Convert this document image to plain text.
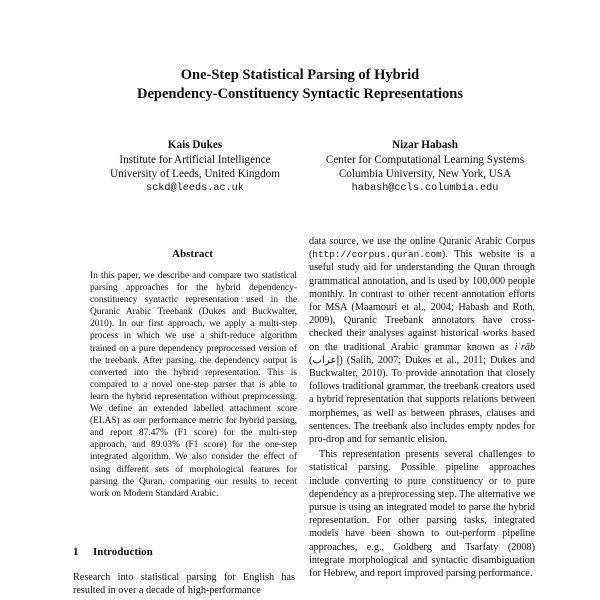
One-Step Statistical Parsing of Hybrid
Dependency-Constituency Syntactic Representations
Kais Dukes
Institute for Artificial Intelligence
University of Leeds, United Kingdom
sckd@leeds.ac.uk
Nizar Habash
Center for Computational Learning Systems
Columbia University, New York, USA
habash@ccls.columbia.edu
Abstract
In this paper, we describe and compare two statistical parsing approaches for the hybrid dependency-constituency syntactic representation used in the Quranic Arabic Treebank (Dukes and Buckwalter, 2010). In our first approach, we apply a multi-step process in which we use a shift-reduce algorithm trained on a pure dependency preprocessed version of the treebank. After parsing, the dependency output is converted into the hybrid representation. This is compared to a novel one-step parser that is able to learn the hybrid representation without preprocessing. We define an extended labelled attachment score (ELAS) as our performance metric for hybrid parsing, and report 87.47% (F1 score) for the multi-step approach, and 89.03% (F1 score) for the one-step integrated algorithm. We also consider the effect of using different sets of morphological features for parsing the Quran, comparing our results to recent work on Modern Standard Arabic.
1 Introduction
Research into statistical parsing for English has resulted in over a decade of high-performance

data source, we use the online Quranic Arabic Corpus (http://corpus.quran.com). This website is a useful study aid for understanding the Quran through grammatical annotation, and is used by 100,000 people monthly. In contrast to other recent annotation efforts for MSA (Maamouri et al., 2004; Habash and Roth, 2009), Quranic Treebank annotators have cross-checked their analyses against historical works based on the traditional Arabic grammar known as iʿrāb (إعراب) (Salih, 2007; Dukes et al., 2011; Dukes and Buckwalter, 2010). To provide annotation that closely follows traditional grammar, the treebank creators used a hybrid representation that supports relations between morphemes, as well as between phrases, clauses and sentences. The treebank also includes empty nodes for pro-drop and for semantic elision.

This representation presents several challenges to statistical parsing. Possible pipeline approaches include converting to pure constituency or to pure dependency as a preprocessing step. The alternative we pursue is using an integrated model to parse the hybrid representation. For other parsing tasks, integrated models have been shown to out-perform pipeline approaches, e.g., Goldberg and Tsarfaty (2008) integrate morphological and syntactic disambiguation for Hebrew, and report improved parsing performance.
